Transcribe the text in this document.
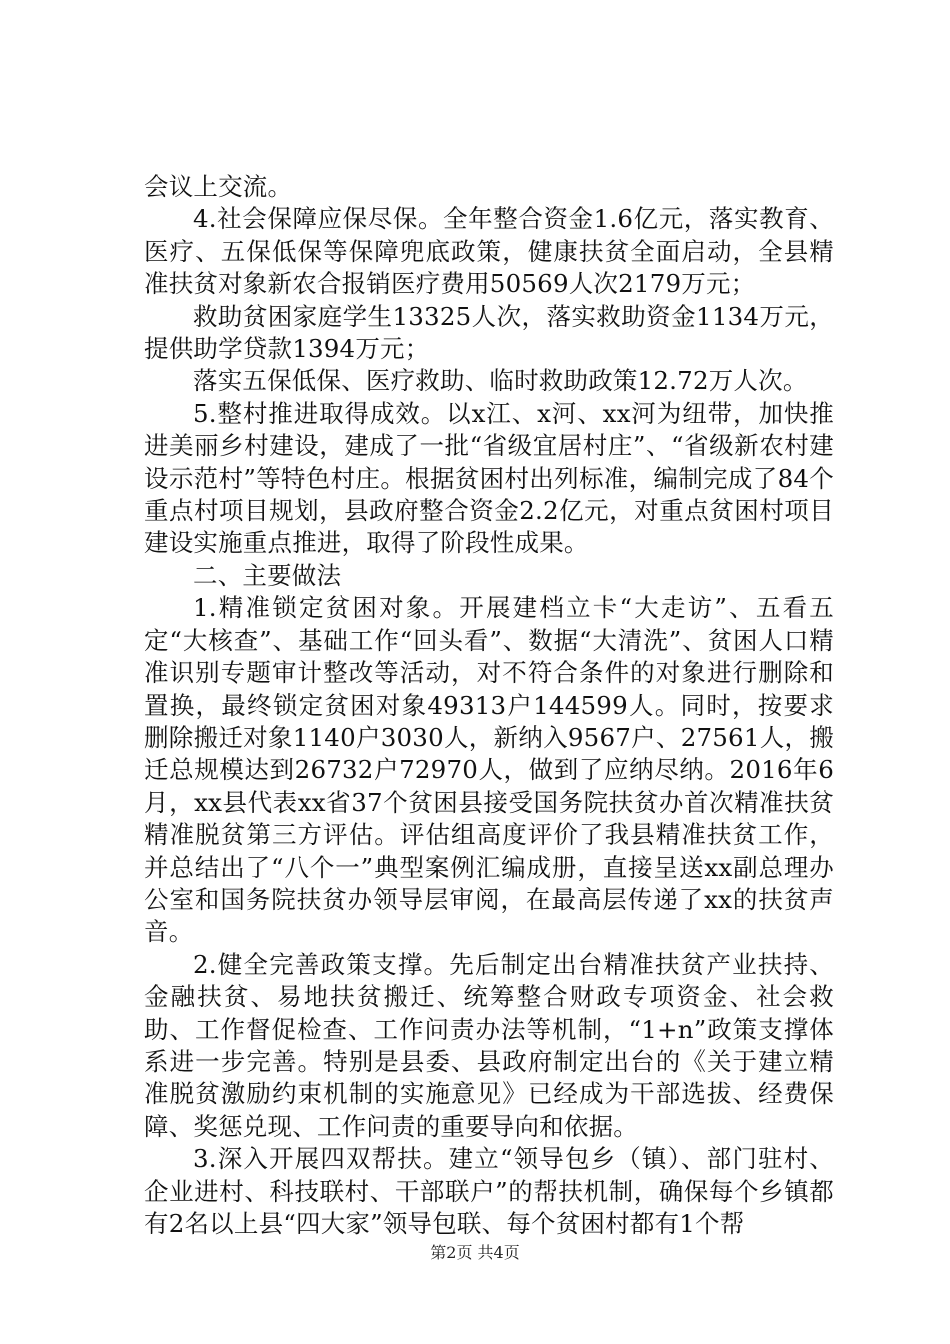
会议上交流。

4.社会保障应保尽保。全年整合资金1.6亿元，落实教育、医疗、五保低保等保障兜底政策，健康扶贫全面启动，全县精准扶贫对象新农合报销医疗费用50569人次2179万元；

救助贫困家庭学生13325人次，落实救助资金1134万元，提供助学贷款1394万元；

落实五保低保、医疗救助、临时救助政策12.72万人次。

5.整村推进取得成效。以x江、x河、xx河为纽带，加快推进美丽乡村建设，建成了一批“省级宜居村庄”、“省级新农村建设示范村”等特色村庄。根据贫困村出列标准，编制完成了84个重点村项目规划，县政府整合资金2.2亿元，对重点贫困村项目建设实施重点推进，取得了阶段性成果。

二、主要做法

1.精准锁定贫困对象。开展建档立卡“大走访”、五看五定“大核查”、基础工作“回头看”、数据“大清洗”、贫困人口精准识别专题审计整改等活动，对不符合条件的对象进行删除和置换，最终锁定贫困对象49313户144599人。同时，按要求删除搬迁对象1140户3030人，新纳入9567户、27561人，搬迁总规模达到26732户72970人，做到了应纳尽纳。2016年6月，xx县代表xx省37个贫困县接受国务院扶贫办首次精准扶贫精准脱贫第三方评估。评估组高度评价了我县精准扶贫工作，并总结出了“八个一”典型案例汇编成册，直接呈送xx副总理办公室和国务院扶贫办领导层审阅，在最高层传递了xx的扶贫声音。

2.健全完善政策支撑。先后制定出台精准扶贫产业扶持、金融扶贫、易地扶贫搬迁、统筹整合财政专项资金、社会救助、工作督促检查、工作问责办法等机制，“1+n”政策支撑体系进一步完善。特别是县委、县政府制定出台的《关于建立精准脱贫激励约束机制的实施意见》已经成为干部选拔、经费保障、奖惩兑现、工作问责的重要导向和依据。

3.深入开展四双帮扶。建立“领导包乡（镇）、部门驻村、企业进村、科技联村、干部联户”的帮扶机制，确保每个乡镇都有2名以上县“四大家”领导包联、每个贫困村都有1个帮

第2页 共4页
